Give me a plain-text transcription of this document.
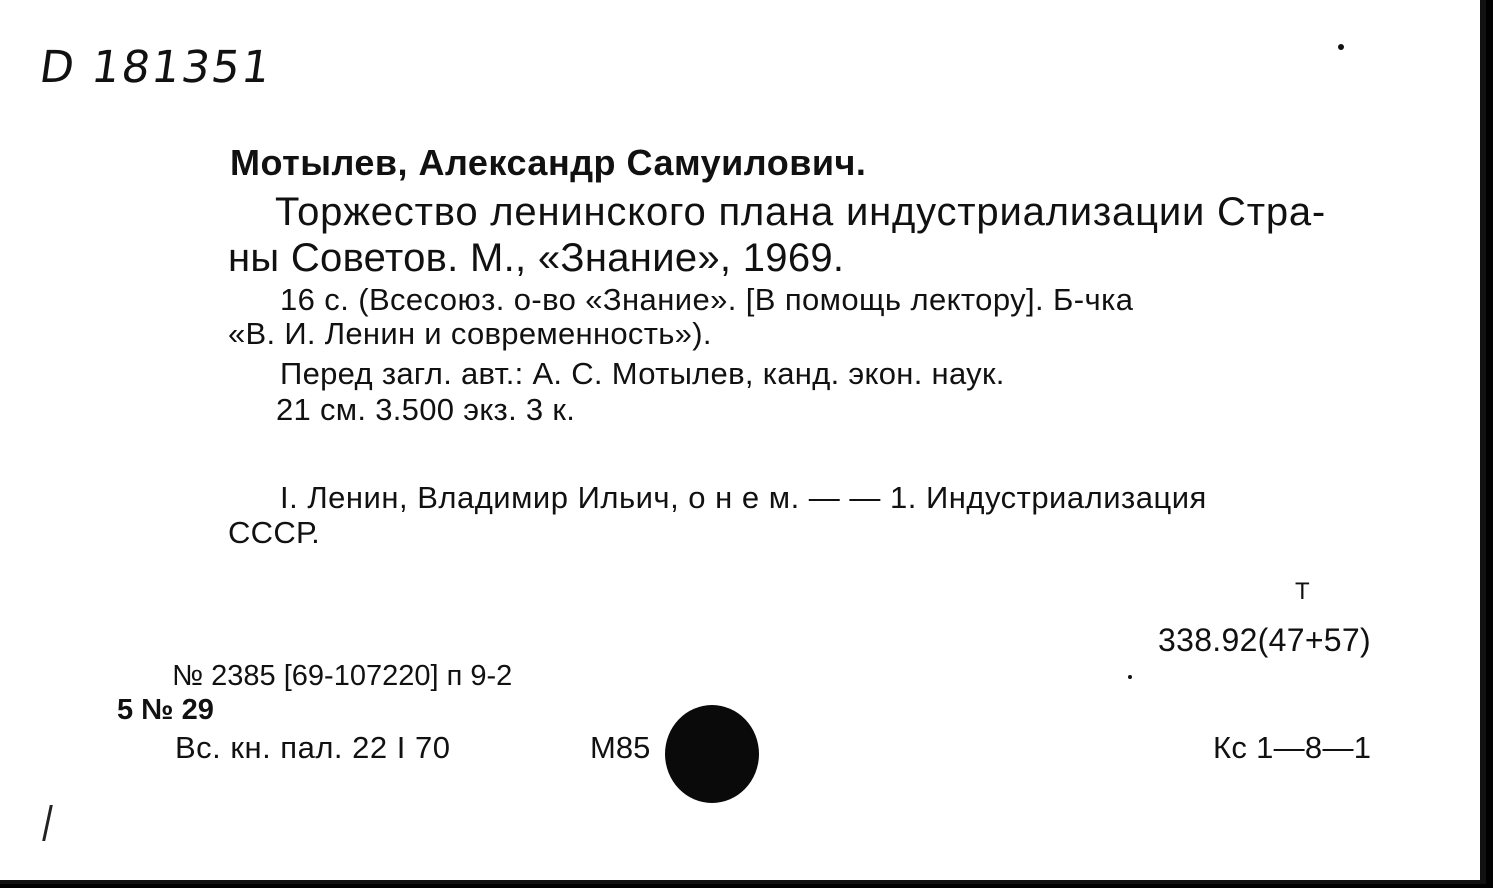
D 181351

Мотылев, Александр Самуилович.

Торжество ленинского плана индустриализации Стра-

ны Советов. М., «Знание», 1969.

16 с. (Всесоюз. о-во «Знание». [В помощь лектору]. Б-чка

«В. И. Ленин и современность»).

Перед загл. авт.: А. С. Мотылев, канд. экон. наук.

21 см. 3.500 экз. 3 к.

I. Ленин, Владимир Ильич, о н е м. — — 1. Индустриализация

СССР.

Т

338.92(47+57)

№ 2385 [69-107220] п 9-2

5 № 29

Вс. кн. пал. 22 I 70	М85	Кс 1—8—1
